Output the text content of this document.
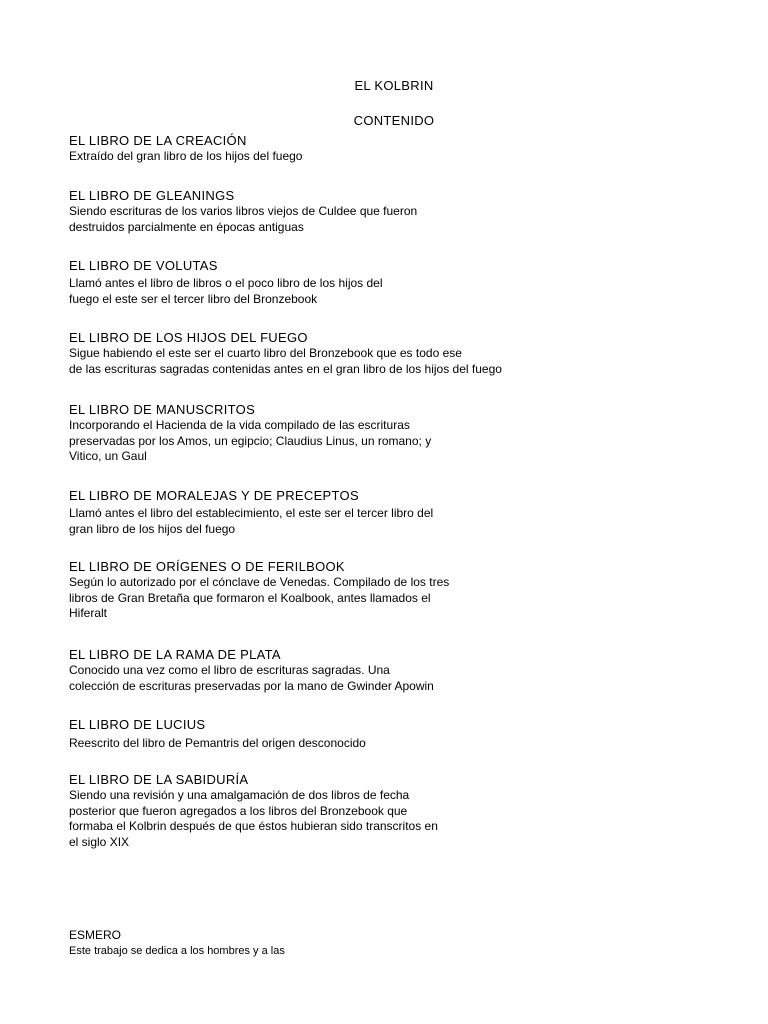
EL KOLBRIN
CONTENIDO
EL LIBRO DE LA CREACIÓN
Extraído del gran libro de los hijos del fuego
EL LIBRO DE GLEANINGS
Siendo escrituras de los varios libros viejos de Culdee que fueron
destruidos parcialmente en épocas antiguas
EL LIBRO DE VOLUTAS
Llamó antes el libro de libros o el poco libro de los hijos del
fuego el este ser el tercer libro del Bronzebook
EL LIBRO DE LOS HIJOS DEL FUEGO
Sigue habiendo el este ser el cuarto libro del Bronzebook que es todo ese
de las escrituras sagradas contenidas antes en el gran libro de los hijos del fuego
EL LIBRO DE MANUSCRITOS
Incorporando el Hacienda de la vida compilado de las escrituras
preservadas por los Amos, un egipcio; Claudius Linus, un romano; y
Vitico, un Gaul
EL LIBRO DE MORALEJAS Y DE PRECEPTOS
Llamó antes el libro del establecimiento, el este ser el tercer libro del
gran libro de los hijos del fuego
EL LIBRO DE ORÍGENES O DE FERILBOOK
Según lo autorizado por el cónclave de Venedas. Compilado de los tres
libros de Gran Bretaña que formaron el Koalbook, antes llamados el
Hiferalt
EL LIBRO DE LA RAMA DE PLATA
Conocido una vez como el libro de escrituras sagradas. Una
colección de escrituras preservadas por la mano de Gwinder Apowin
EL LIBRO DE LUCIUS
Reescrito del libro de Pemantris del origen desconocido
EL LIBRO DE LA SABIDURÍA
Siendo una revisión y una amalgamación de dos libros de fecha
posterior que fueron agregados a los libros del Bronzebook que
formaba el Kolbrin después de que éstos hubieran sido transcritos en
el siglo XIX
ESMERO
Este trabajo se dedica a los hombres y a las
